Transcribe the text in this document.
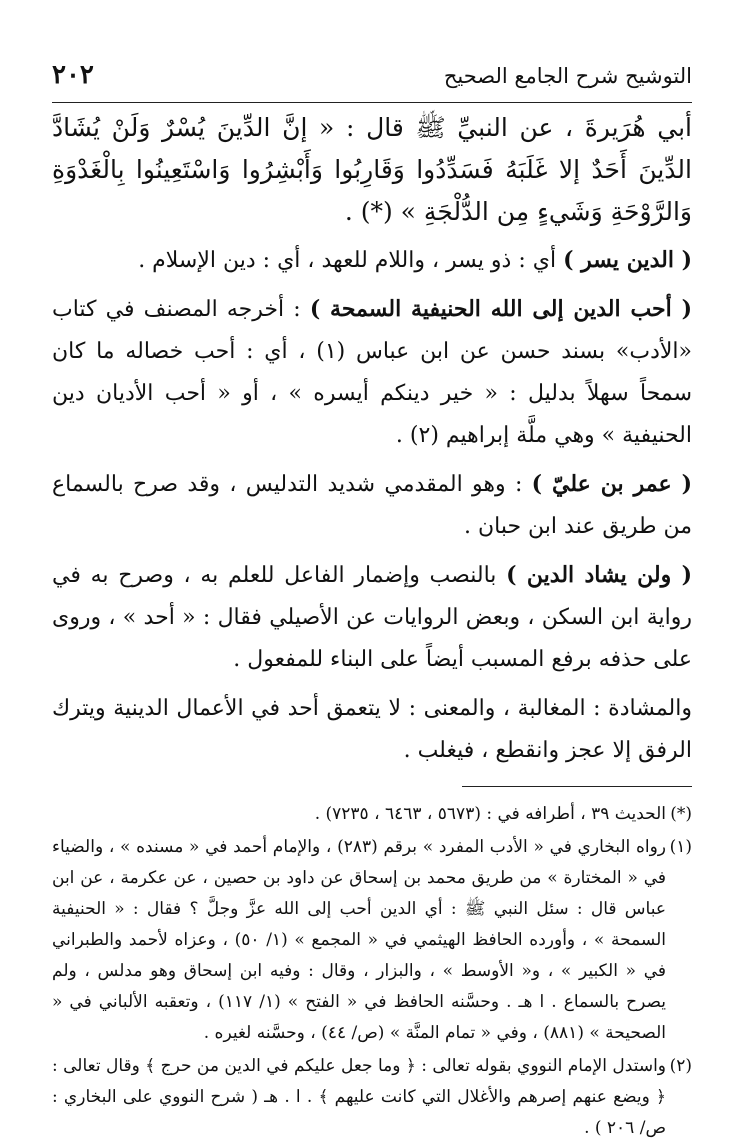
التوشيح شرح الجامع الصحيح
٢٠٢
أبي هُرَيرةَ ، عن النبيِّ ﷺ قال : « إنَّ الدِّينَ يُسْرٌ وَلَنْ يُشَادَّ الدِّينَ أَحَدٌ إلا غَلَبَهُ فَسَدِّدُوا وَقَارِبُوا وَأَبْشِرُوا وَاسْتَعِينُوا بِالْغَدْوَةِ وَالرَّوْحَةِ وَشَيءٍ مِن الدُّلْجَةِ » (*) .
( الدين يسر ) أي : ذو يسر ، واللام للعهد ، أي : دين الإسلام .
( أحب الدين إلى الله الحنيفية السمحة ) : أخرجه المصنف في كتاب «الأدب» بسند حسن عن ابن عباس (١) ، أي : أحب خصاله ما كان سمحاً سهلاً بدليل : « خير دينكم أيسره » ، أو « أحب الأديان دين الحنيفية » وهي ملَّة إبراهيم (٢) .
( عمر بن عليّ ) : وهو المقدمي شديد التدليس ، وقد صرح بالسماع من طريق عند ابن حبان .
( ولن يشاد الدين ) بالنصب وإضمار الفاعل للعلم به ، وصرح به في رواية ابن السكن ، وبعض الروايات عن الأصيلي فقال : « أحد » ، وروى على حذفه برفع المسبب أيضاً على البناء للمفعول .
والمشادة : المغالبة ، والمعنى : لا يتعمق أحد في الأعمال الدينية ويترك الرفق إلا عجز وانقطع ، فيغلب .
(*)الحديث ٣٩ ، أطرافه في : (٥٦٧٣ ، ٦٤٦٣ ، ٧٢٣٥) .
(١)رواه البخاري في « الأدب المفرد » برقم (٢٨٣) ، والإمام أحمد في « مسنده » ، والضياء في « المختارة » من طريق محمد بن إسحاق عن داود بن حصين ، عن عكرمة ، عن ابن عباس قال : سئل النبي ﷺ : أي الدين أحب إلى الله عزَّ وجلَّ ؟ فقال : « الحنيفية السمحة » ، وأورده الحافظ الهيثمي في « المجمع » (١/ ٥٠) ، وعزاه لأحمد والطبراني في « الكبير » ، و« الأوسط » ، والبزار ، وقال : وفيه ابن إسحاق وهو مدلس ، ولم يصرح بالسماع . ا هـ . وحسَّنه الحافظ في « الفتح » (١/ ١١٧) ، وتعقبه الألباني في « الصحيحة » (٨٨١) ، وفي « تمام المنَّة » (ص/ ٤٤) ، وحسَّنه لغيره .
(٢)واستدل الإمام النووي بقوله تعالى : ﴿ وما جعل عليكم في الدين من حرج ﴾ وقال تعالى : ﴿ ويضع عنهم إصرهم والأغلال التي كانت عليهم ﴾ . ا . هـ ( شرح النووي على البخاري : ص/ ٢٠٦ ) .
